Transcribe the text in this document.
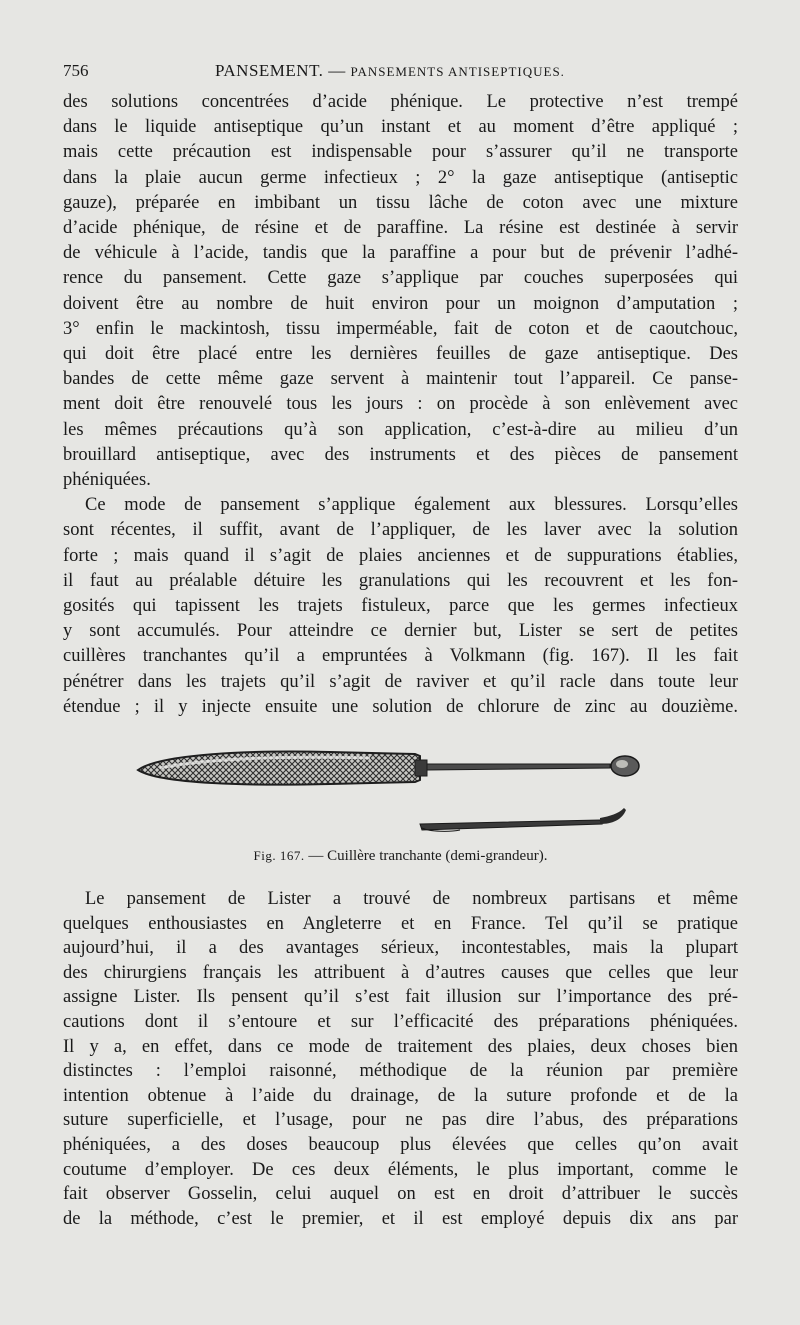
756	PANSEMENT. — PANSEMENTS ANTISEPTIQUES.

des solutions concentrées d’acide phénique. Le protective n’est trempé
dans le liquide antiseptique qu’un instant et au moment d’être appliqué ;
mais cette précaution est indispensable pour s’assurer qu’il ne transporte
dans la plaie aucun germe infectieux ; 2° la gaze antiseptique (antiseptic
gauze), préparée en imbibant un tissu lâche de coton avec une mixture
d’acide phénique, de résine et de paraffine. La résine est destinée à servir
de véhicule à l’acide, tandis que la paraffine a pour but de prévenir l’adhé-
rence du pansement. Cette gaze s’applique par couches superposées qui
doivent être au nombre de huit environ pour un moignon d’amputation ;
3° enfin le mackintosh, tissu imperméable, fait de coton et de caoutchouc,
qui doit être placé entre les dernières feuilles de gaze antiseptique. Des
bandes de cette même gaze servent à maintenir tout l’appareil. Ce panse-
ment doit être renouvelé tous les jours : on procède à son enlèvement avec
les mêmes précautions qu’à son application, c’est-à-dire au milieu d’un
brouillard antiseptique, avec des instruments et des pièces de pansement
phéniquées.

Ce mode de pansement s’applique également aux blessures. Lorsqu’elles
sont récentes, il suffit, avant de l’appliquer, de les laver avec la solution
forte ; mais quand il s’agit de plaies anciennes et de suppurations établies,
il faut au préalable détuire les granulations qui les recouvrent et les fon-
gosités qui tapissent les trajets fistuleux, parce que les germes infectieux
y sont accumulés. Pour atteindre ce dernier but, Lister se sert de petites
cuillères tranchantes qu’il a empruntées à Volkmann (fig. 167). Il les fait
pénétrer dans les trajets qu’il s’agit de raviver et qu’il racle dans toute leur
étendue ; il y injecte ensuite une solution de chlorure de zinc au douzième.

Fig. 167. — Cuillère tranchante (demi-grandeur).

Le pansement de Lister a trouvé de nombreux partisans et même
quelques enthousiastes en Angleterre et en France. Tel qu’il se pratique
aujourd’hui, il a des avantages sérieux, incontestables, mais la plupart
des chirurgiens français les attribuent à d’autres causes que celles que leur
assigne Lister. Ils pensent qu’il s’est fait illusion sur l’importance des pré-
cautions dont il s’entoure et sur l’efficacité des préparations phéniquées.
Il y a, en effet, dans ce mode de traitement des plaies, deux choses bien
distinctes : l’emploi raisonné, méthodique de la réunion par première
intention obtenue à l’aide du drainage, de la suture profonde et de la
suture superficielle, et l’usage, pour ne pas dire l’abus, des préparations
phéniquées, a des doses beaucoup plus élevées que celles qu’on avait
coutume d’employer. De ces deux éléments, le plus important, comme le
fait observer Gosselin, celui auquel on est en droit d’attribuer le succès
de la méthode, c’est le premier, et il est employé depuis dix ans par
